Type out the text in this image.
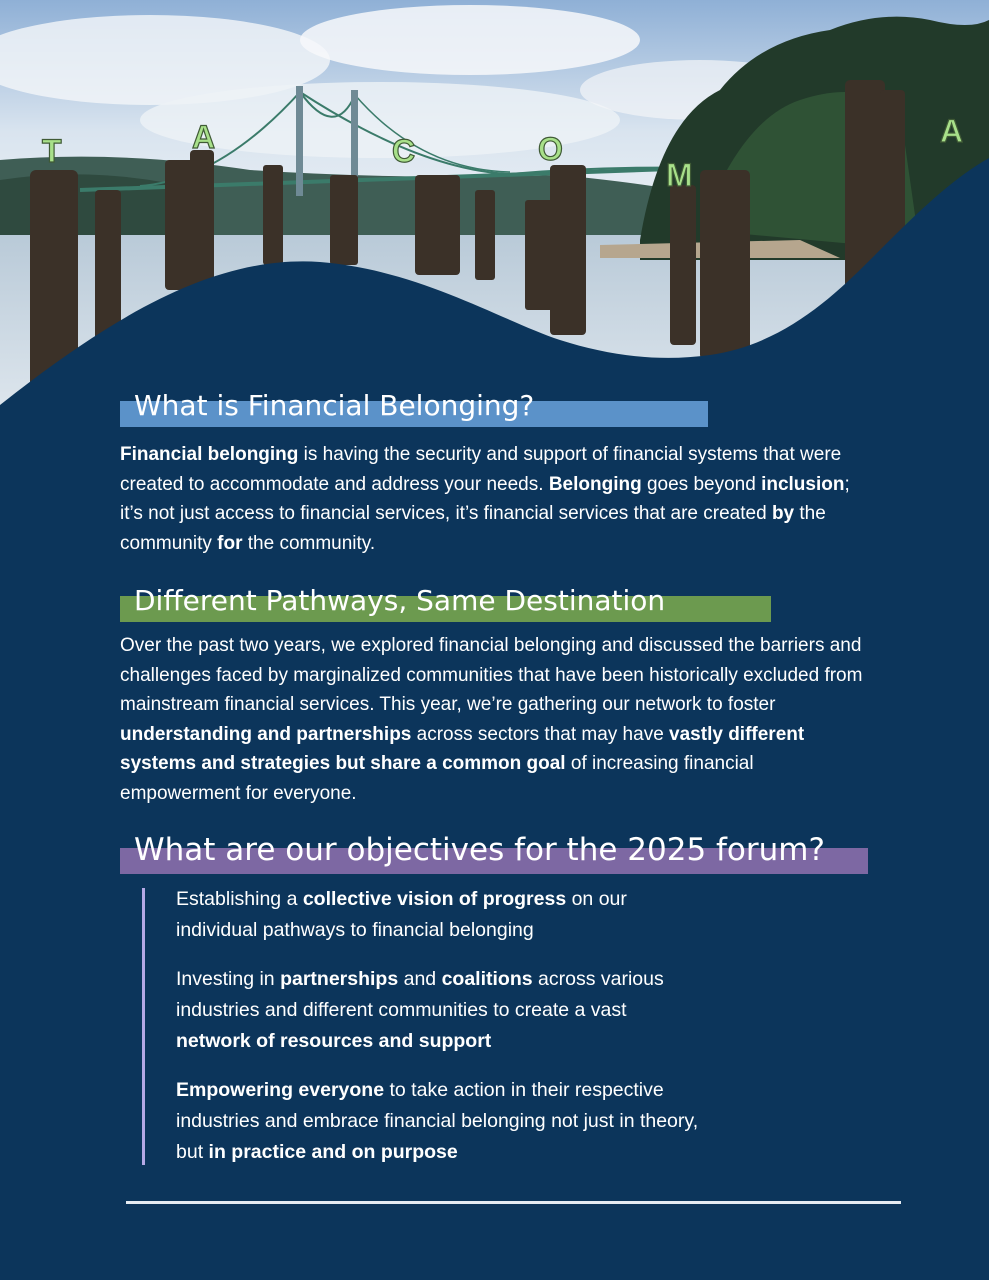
T	A	C	O
M
A
What is Financial Belonging?
Financial belonging is having the security and support of financial systems that were created to accommodate and address your needs. Belonging goes beyond inclusion; it’s not just access to financial services, it’s financial services that are created by the community for the community.
Different Pathways, Same Destination
Over the past two years, we explored financial belonging and discussed the barriers and challenges faced by marginalized communities that have been historically excluded from mainstream financial services. This year, we’re gathering our network to foster understanding and partnerships across sectors that may have vastly different systems and strategies but share a common goal of increasing financial empowerment for everyone.
What are our objectives for the 2025 forum?
Establishing a collective vision of progress on our individual pathways to financial belonging
Investing in partnerships and coalitions across various industries and different communities to create a vast network of resources and support
Empowering everyone to take action in their respective industries and embrace financial belonging not just in theory, but in practice and on purpose
